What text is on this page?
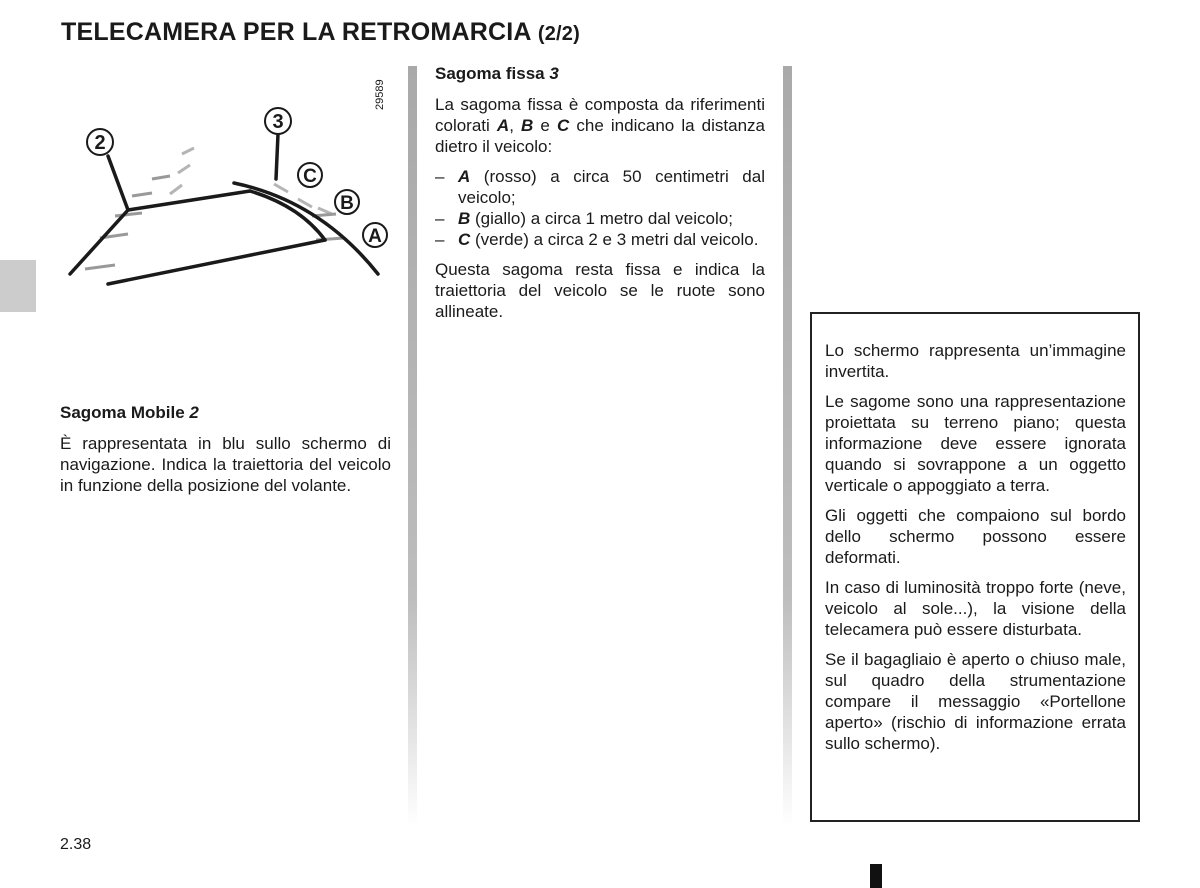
TELECAMERA PER LA RETROMARCIA (2/2)
2
3
C
B
A
29589
Sagoma Mobile 2

È rappresentata in blu sullo schermo di navigazione. Indica la traiettoria del veicolo in funzione della posizione del volante.

Sagoma fissa 3

La sagoma fissa è composta da riferimenti colorati A, B e C che indicano la distanza dietro il veicolo:

– A (rosso) a circa 50 centimetri dal veicolo;
– B (giallo) a circa 1 metro dal veicolo;
– C (verde) a circa 2 e 3 metri dal veicolo.

Questa sagoma resta fissa e indica la traiettoria del veicolo se le ruote sono allineate.

Lo schermo rappresenta un’immagine invertita.

Le sagome sono una rappresentazione proiettata su terreno piano; questa informazione deve essere ignorata quando si sovrappone a un oggetto verticale o appoggiato a terra.

Gli oggetti che compaiono sul bordo dello schermo possono essere deformati.

In caso di luminosità troppo forte (neve, veicolo al sole...), la visione della telecamera può essere disturbata.

Se il bagagliaio è aperto o chiuso male, sul quadro della strumentazione compare il messaggio «Portellone aperto» (rischio di informazione errata sullo schermo).

2.38
